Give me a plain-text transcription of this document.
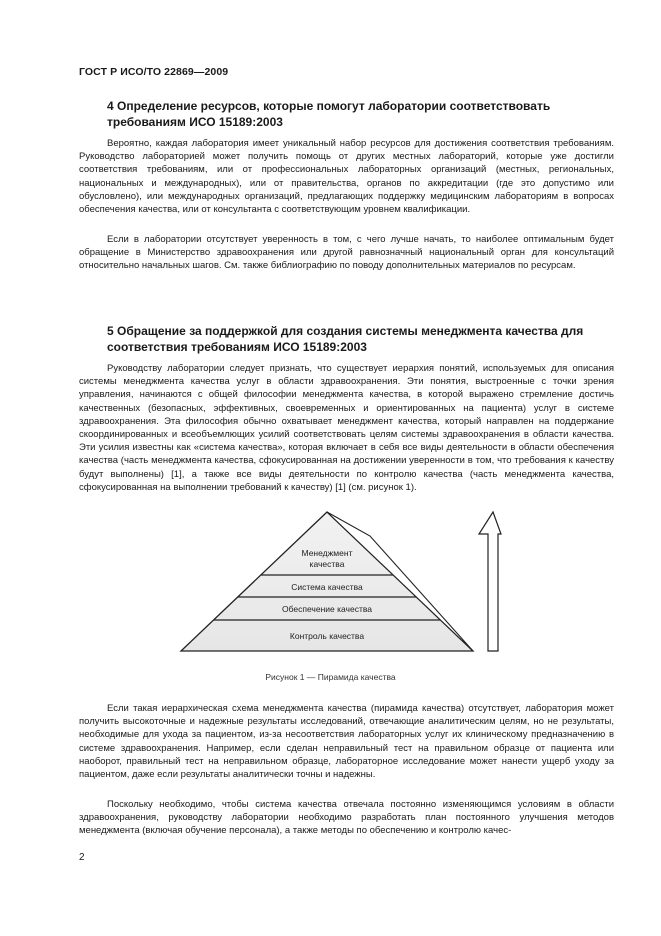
ГОСТ Р ИСО/ТО 22869—2009
4 Определение ресурсов, которые помогут лаборатории соответствовать требованиям ИСО 15189:2003
Вероятно, каждая лаборатория имеет уникальный набор ресурсов для достижения соответствия требованиям. Руководство лабораторией может получить помощь от других местных лабораторий, которые уже достигли соответствия требованиям, или от профессиональных лабораторных организаций (местных, региональных, национальных и международных), или от правительства, органов по аккредитации (где это допустимо или обусловлено), или международных организаций, предлагающих поддержку медицинским лабораториям в вопросах обеспечения качества, или от консультанта с соответствующим уровнем квалификации.
Если в лаборатории отсутствует уверенность в том, с чего лучше начать, то наиболее оптимальным будет обращение в Министерство здравоохранения или другой равнозначный национальный орган для консультаций относительно начальных шагов. См. также библиографию по поводу дополнительных материалов по ресурсам.
5 Обращение за поддержкой для создания системы менеджмента качества для соответствия требованиям ИСО 15189:2003
Руководству лаборатории следует признать, что существует иерархия понятий, используемых для описания системы менеджмента качества услуг в области здравоохранения. Эти понятия, выстроенные с точки зрения управления, начинаются с общей философии менеджмента качества, в которой выражено стремление достичь качественных (безопасных, эффективных, своевременных и ориентированных на пациента) услуг в системе здравоохранения. Эта философия обычно охватывает менеджмент качества, который направлен на поддержание скоординированных и всеобъемлющих усилий соответствовать целям системы здравоохранения в области качества. Эти усилия известны как «система качества», которая включает в себя все виды деятельности в области обеспечения качества (часть менеджмента качества, сфокусированная на достижении уверенности в том, что требования к качеству будут выполнены) [1], а также все виды деятельности по контролю качества (часть менеджмента качества, сфокусированная на выполнении требований к качеству) [1] (см. рисунок 1).
Менеджмент
качества
Система качества
Обеспечение качества
Контроль качества
Рисунок 1 — Пирамида качества
Если такая иерархическая схема менеджмента качества (пирамида качества) отсутствует, лаборатория может получить высокоточные и надежные результаты исследований, отвечающие аналитическим целям, но не результаты, необходимые для ухода за пациентом, из-за несоответствия лабораторных услуг их клиническому предназначению в системе здравоохранения. Например, если сделан неправильный тест на правильном образце от пациента или наоборот, правильный тест на неправильном образце, лабораторное исследование может нанести ущерб уходу за пациентом, даже если результаты аналитически точны и надежны.
Поскольку необходимо, чтобы система качества отвечала постоянно изменяющимся условиям в области здравоохранения, руководству лаборатории необходимо разработать план постоянного улучшения методов менеджмента (включая обучение персонала), а также методы по обеспечению и контролю качес-
2
